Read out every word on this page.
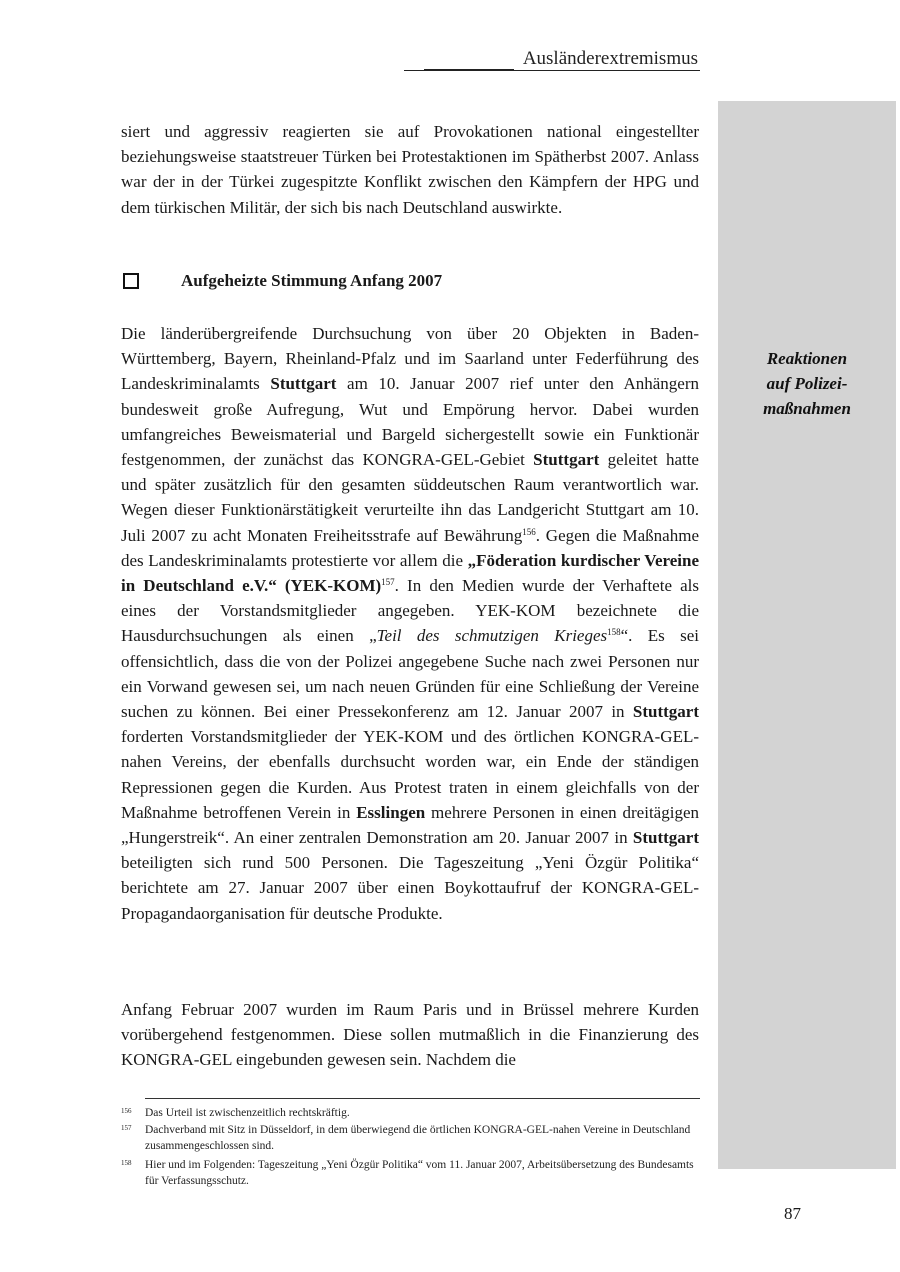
Ausländerextremismus
Reaktionen
auf Polizei-
maßnahmen
siert und aggressiv reagierten sie auf Provokationen national eingestellter beziehungsweise staatstreuer Türken bei Protestaktionen im Spätherbst 2007. Anlass war der in der Türkei zugespitzte Konflikt zwischen den Kämpfern der HPG und dem türkischen Militär, der sich bis nach Deutschland auswirkte.
Aufgeheizte Stimmung Anfang 2007
Die länderübergreifende Durchsuchung von über 20 Objekten in Baden-Württemberg, Bayern, Rheinland-Pfalz und im Saarland unter Federführung des Landeskriminalamts Stuttgart am 10. Januar 2007 rief unter den Anhängern bundesweit große Aufregung, Wut und Empörung hervor. Dabei wurden umfangreiches Beweismaterial und Bargeld sichergestellt sowie ein Funktionär festgenommen, der zunächst das KONGRA-GEL-Gebiet Stuttgart geleitet hatte und später zusätzlich für den gesamten süddeutschen Raum verantwortlich war. Wegen dieser Funktionärstätigkeit verurteilte ihn das Landgericht Stuttgart am 10. Juli 2007 zu acht Monaten Freiheitsstrafe auf Bewährung$^{156}$. Gegen die Maßnahme des Landeskriminalamts protestierte vor allem die „Föderation kurdischer Vereine in Deutschland e.V.“ $(YEK-KOM)^{157}$. In den Medien wurde der Verhaftete als eines der Vorstandsmitglieder angegeben. YEK-KOM bezeichnete die Hausdurchsuchungen als einen „Teil des schmutzigen Krieges$^{158}$“. Es sei offensichtlich, dass die von der Polizei angegebene Suche nach zwei Personen nur ein Vorwand gewesen sei, um nach neuen Gründen für eine Schließung der Vereine suchen zu können. Bei einer Pressekonferenz am 12. Januar 2007 in Stuttgart forderten Vorstandsmitglieder der YEK-KOM und des örtlichen KONGRA-GEL-nahen Vereins, der ebenfalls durchsucht worden war, ein Ende der ständigen Repressionen gegen die Kurden. Aus Protest traten in einem gleichfalls von der Maßnahme betroffenen Verein in Esslingen mehrere Personen in einen dreitägigen „Hungerstreik“. An einer zentralen Demonstration am 20. Januar 2007 in Stuttgart beteiligten sich rund 500 Personen. Die Tageszeitung „Yeni Özgür Politika“ berichtete am 27. Januar 2007 über einen Boykottaufruf der KONGRA-GEL-Propagandaorganisation für deutsche Produkte.
Anfang Februar 2007 wurden im Raum Paris und in Brüssel mehrere Kurden vorübergehend festgenommen. Diese sollen mutmaßlich in die Finanzierung des KONGRA-GEL eingebunden gewesen sein. Nachdem die
156 Das Urteil ist zwischenzeitlich rechtskräftig.
157 Dachverband mit Sitz in Düsseldorf, in dem überwiegend die örtlichen KONGRA-GEL-nahen Vereine in Deutschland zusammengeschlossen sind.
158 Hier und im Folgenden: Tageszeitung „Yeni Özgür Politika“ vom 11. Januar 2007, Arbeitsübersetzung des Bundesamts für Verfassungsschutz.
87
